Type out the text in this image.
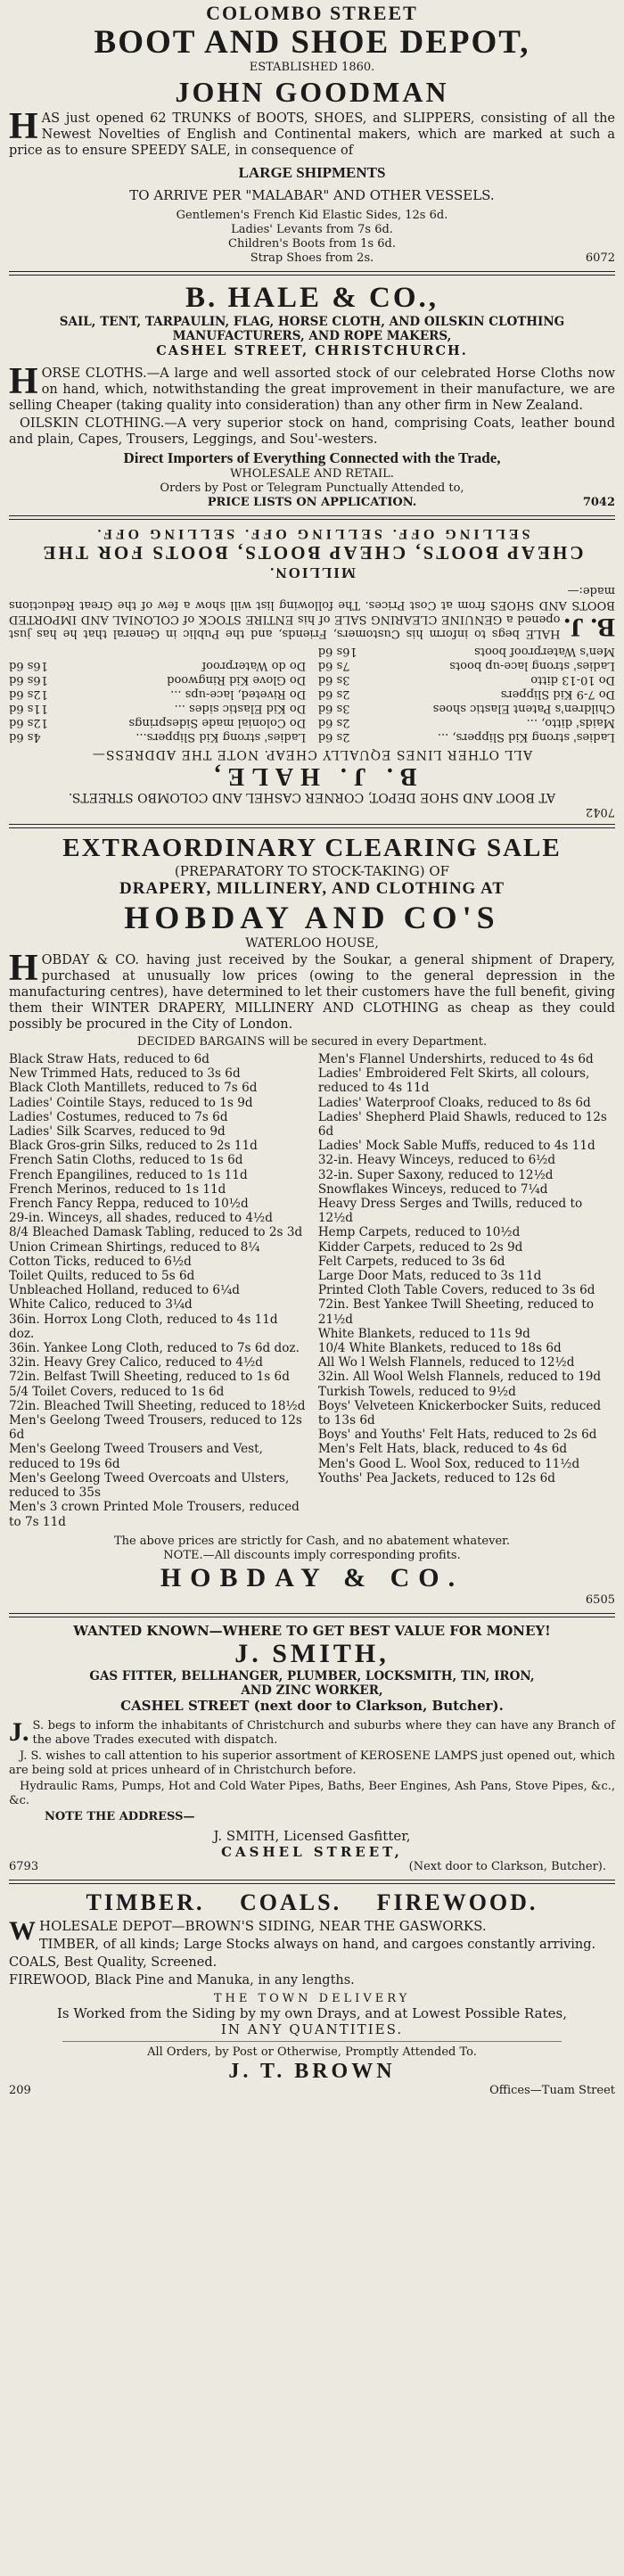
COLOMBO STREET
BOOT AND SHOE DEPOT,
ESTABLISHED 1860.
JOHN GOODMAN
HAS just opened 62 TRUNKS of BOOTS, SHOES, and SLIPPERS, consisting of all the Newest Novelties of English and Continental makers, which are marked at such a price as to ensure SPEEDY SALE, in consequence of
LARGE SHIPMENTS
TO ARRIVE PER "MALABAR" AND OTHER VESSELS.
Gentlemen's French Kid Elastic Sides, 12s 6d.
Ladies' Levants from 7s 6d.
Children's Boots from 1s 6d.
Strap Shoes from 2s.	6072
B. HALE & CO.,
SAIL, TENT, TARPAULIN, FLAG, HORSE CLOTH, AND OILSKIN CLOTHING
MANUFACTURERS, AND ROPE MAKERS,
CASHEL STREET, CHRISTCHURCH.
HORSE CLOTHS.—A large and well assorted stock of our celebrated Horse Cloths now on hand, which, notwithstanding the great improvement in their manufacture, we are selling Cheaper (taking quality into consideration) than any other firm in New Zealand.
OILSKIN CLOTHING.—A very superior stock on hand, comprising Coats, leather bound and plain, Capes, Trousers, Leggings, and Sou'-westers.
Direct Importers of Everything Connected with the Trade,
WHOLESALE AND RETAIL.
Orders by Post or Telegram Punctually Attended to,
PRICE LISTS ON APPLICATION.	7042
7042
AT BOOT AND SHOE DEPOT, CORNER CASHEL AND COLOMBO STREETS.
B. J. HALE,
ALL OTHER LINES EQUALLY CHEAP. NOTE THE ADDRESS—
Ladies' strong Kid Slippers, ...
2s 6d
Maids' ditto, ...
2s 6d
Children's Patent Elastic shoes
3s 6d
Do 7-9 Kid Slippers
2s 6d
Do 10-13 ditto
3s 6d
Ladies' strong lace-up boots
7s 6d
Men's Waterproof boots
16s 6d
Ladies' strong Kid Slippers...
4s 6d
Do Colonial made Sidesprings
12s 6d
Do Kid Elastic sides ...
11s 6d
Do Riveted, lace-ups ...
12s 6d
Do Glove Kid Ringwood
16s 6d
Do do Waterproof
16s 6d
B. J.
HALE begs to inform his Customers, Friends, and the Public in General that he has just opened a GENUINE CLEARING SALE of his ENTIRE STOCK of COLONIAL AND IMPORTED BOOTS AND SHOES from at Cost Prices. The following list will show a few of the Great Reductions made:—
MILLION.
CHEAP BOOTS, CHEAP BOOTS, BOOTS FOR THE
SELLING OFF. SELLING OFF. SELLING OFF.
EXTRAORDINARY CLEARING SALE
(PREPARATORY TO STOCK-TAKING) OF
DRAPERY, MILLINERY, AND CLOTHING AT
HOBDAY AND CO'S
WATERLOO HOUSE,
HOBDAY & CO. having just received by the Soukar, a general shipment of Drapery, purchased at unusually low prices (owing to the general depression in the manufacturing centres), have determined to let their customers have the full benefit, giving them their WINTER DRAPERY, MILLINERY AND CLOTHING as cheap as they could possibly be procured in the City of London.
DECIDED BARGAINS will be secured in every Department.
Black Straw Hats, reduced to 6d
New Trimmed Hats, reduced to 3s 6d
Black Cloth Mantillets, reduced to 7s 6d
Ladies' Cointile Stays, reduced to 1s 9d
Ladies' Costumes, reduced to 7s 6d
Ladies' Silk Scarves, reduced to 9d
Black Gros-grin Silks, reduced to 2s 11d
French Satin Cloths, reduced to 1s 6d
French Epangilines, reduced to 1s 11d
French Merinos, reduced to 1s 11d
French Fancy Reppa, reduced to 10½d
29-in. Winceys, all shades, reduced to 4½d
8/4 Bleached Damask Tabling, reduced to 2s 3d
Union Crimean Shirtings, reduced to 8¼
Cotton Ticks, reduced to 6½d
Toilet Quilts, reduced to 5s 6d
Unbleached Holland, reduced to 6¼d
White Calico, reduced to 3¼d
36in. Horrox Long Cloth, reduced to 4s 11d doz.
36in. Yankee Long Cloth, reduced to 7s 6d doz.
32in. Heavy Grey Calico, reduced to 4½d
72in. Belfast Twill Sheeting, reduced to 1s 6d
5/4 Toilet Covers, reduced to 1s 6d
72in. Bleached Twill Sheeting, reduced to 18½d
Men's Geelong Tweed Trousers, reduced to 12s 6d
Men's Geelong Tweed Trousers and Vest, reduced to 19s 6d
Men's Geelong Tweed Overcoats and Ulsters, reduced to 35s
Men's 3 crown Printed Mole Trousers, reduced to 7s 11d
Men's Flannel Undershirts, reduced to 4s 6d
Ladies' Embroidered Felt Skirts, all colours, reduced to 4s 11d
Ladies' Waterproof Cloaks, reduced to 8s 6d
Ladies' Shepherd Plaid Shawls, reduced to 12s 6d
Ladies' Mock Sable Muffs, reduced to 4s 11d
32-in. Heavy Winceys, reduced to 6½d
32-in. Super Saxony, reduced to 12½d
Snowflakes Winceys, reduced to 7¼d
Heavy Dress Serges and Twills, reduced to 12½d
Hemp Carpets, reduced to 10½d
Kidder Carpets, reduced to 2s 9d
Felt Carpets, reduced to 3s 6d
Large Door Mats, reduced to 3s 11d
Printed Cloth Table Covers, reduced to 3s 6d
72in. Best Yankee Twill Sheeting, reduced to 21½d
White Blankets, reduced to 11s 9d
10/4 White Blankets, reduced to 18s 6d
All Wo l Welsh Flannels, reduced to 12½d
32in. All Wool Welsh Flannels, reduced to 19d
Turkish Towels, reduced to 9½d
Boys' Velveteen Knickerbocker Suits, reduced to 13s 6d
Boys' and Youths' Felt Hats, reduced to 2s 6d
Men's Felt Hats, black, reduced to 4s 6d
Men's Good L. Wool Sox, reduced to 11½d
Youths' Pea Jackets, reduced to 12s 6d
The above prices are strictly for Cash, and no abatement whatever.
NOTE.—All discounts imply corresponding profits.
HOBDAY & CO.
6505
WANTED KNOWN—WHERE TO GET BEST VALUE FOR MONEY!
J. SMITH,
GAS FITTER, BELLHANGER, PLUMBER, LOCKSMITH, TIN, IRON,
AND ZINC WORKER,
CASHEL STREET (next door to Clarkson, Butcher).
J. S. begs to inform the inhabitants of Christchurch and suburbs where they can have any Branch of the above Trades executed with dispatch.
J. S. wishes to call attention to his superior assortment of KEROSENE LAMPS just opened out, which are being sold at prices unheard of in Christchurch before.
Hydraulic Rams, Pumps, Hot and Cold Water Pipes, Baths, Beer Engines, Ash Pans, Stove Pipes, &c., &c.
NOTE THE ADDRESS—
J. SMITH, Licensed Gasfitter,
CASHEL STREET,
6793	(Next door to Clarkson, Butcher).
TIMBER. COALS. FIREWOOD.
WHOLESALE DEPOT—BROWN'S SIDING, NEAR THE GASWORKS.
TIMBER, of all kinds; Large Stocks always on hand, and cargoes constantly arriving.
COALS, Best Quality, Screened.
FIREWOOD, Black Pine and Manuka, in any lengths.
THE TOWN DELIVERY
Is Worked from the Siding by my own Drays, and at Lowest Possible Rates,
IN ANY QUANTITIES.
All Orders, by Post or Otherwise, Promptly Attended To.
J. T. BROWN
209	Offices—Tuam Street
